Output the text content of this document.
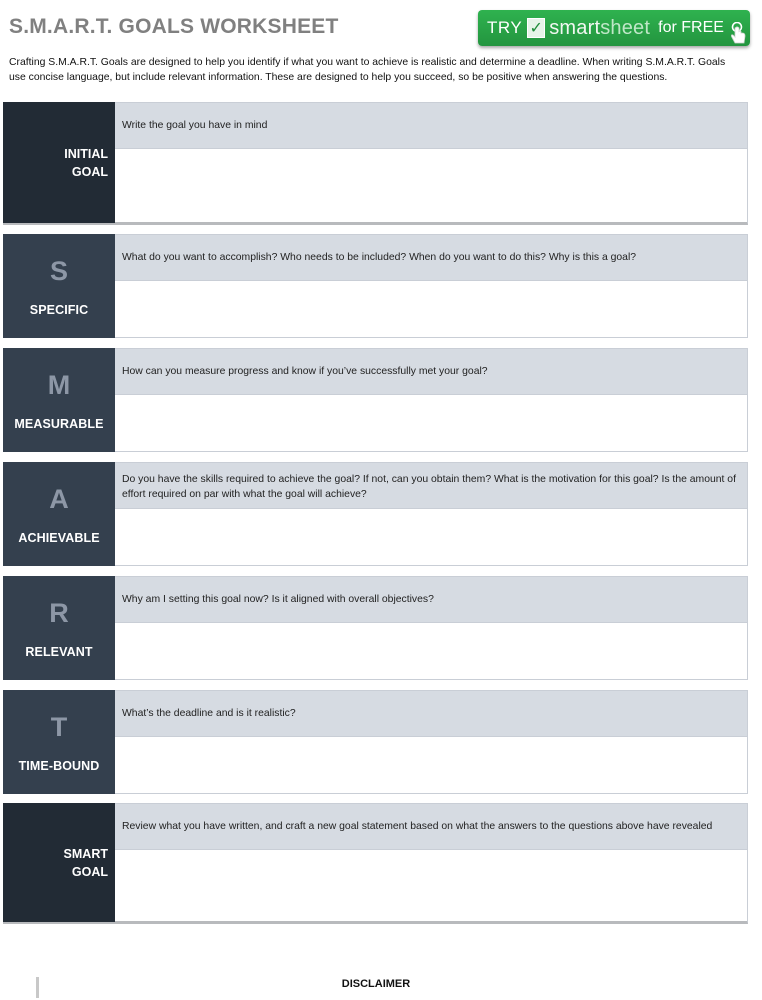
S.M.A.R.T. GOALS WORKSHEET	TRY ✓ smart sheet for FREE

Crafting S.M.A.R.T. Goals are designed to help you identify if what you want to achieve is realistic and determine a deadline. When writing S.M.A.R.T. Goals use concise language, but include relevant information. These are designed to help you succeed, so be positive when answering the questions.

INITIAL
GOAL
Write the goal you have in mind
S
SPECIFIC
What do you want to accomplish? Who needs to be included? When do you want to do this? Why is this a goal?
M
MEASURABLE
How can you measure progress and know if you’ve successfully met your goal?
A
ACHIEVABLE
Do you have the skills required to achieve the goal? If not, can you obtain them? What is the motivation for this goal? Is the amount of effort required on par with what the goal will achieve?
R
RELEVANT
Why am I setting this goal now? Is it aligned with overall objectives?
T
TIME-BOUND
What’s the deadline and is it realistic?
SMART
GOAL
Review what you have written, and craft a new goal statement based on what the answers to the questions above have revealed
DISCLAIMER
